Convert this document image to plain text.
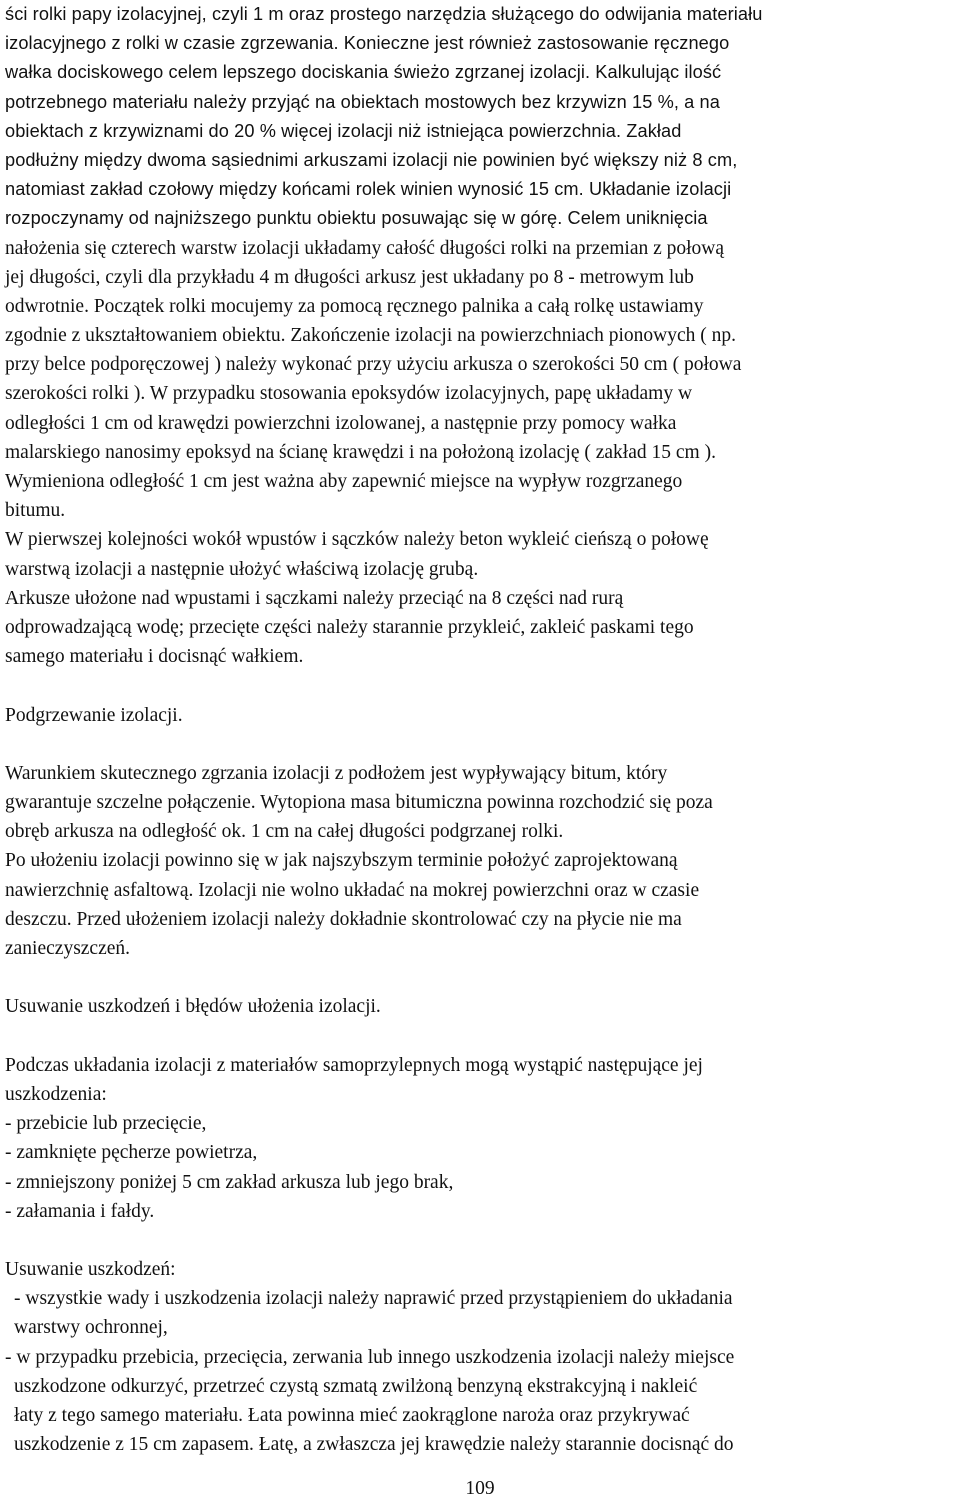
ści rolki papy izolacyjnej, czyli 1 m oraz prostego narzędzia służącego do odwijania materiału
izolacyjnego z rolki w czasie zgrzewania. Konieczne jest również zastosowanie ręcznego
wałka dociskowego celem lepszego dociskania świeżo zgrzanej izolacji. Kalkulując ilość
potrzebnego materiału należy przyjąć na obiektach mostowych bez krzywizn 15 %, a na
obiektach z krzywiznami do 20 % więcej izolacji niż istniejąca powierzchnia. Zakład
podłużny między dwoma sąsiednimi arkuszami izolacji nie powinien być większy niż 8 cm,
natomiast zakład czołowy między końcami rolek winien wynosić 15 cm. Układanie izolacji
rozpoczynamy od najniższego punktu obiektu posuwając się w górę. Celem uniknięcia
nałożenia się czterech warstw izolacji układamy całość długości rolki na przemian z połową
jej długości, czyli dla przykładu 4 m długości arkusz jest układany po 8 - metrowym lub
odwrotnie. Początek rolki mocujemy za pomocą ręcznego palnika a całą rolkę ustawiamy
zgodnie z ukształtowaniem obiektu. Zakończenie izolacji na powierzchniach pionowych ( np.
przy belce podporęczowej ) należy wykonać przy użyciu arkusza o szerokości 50 cm ( połowa
szerokości rolki ). W przypadku stosowania epoksydów izolacyjnych, papę układamy w
odległości 1 cm od krawędzi powierzchni izolowanej, a następnie przy pomocy wałka
malarskiego nanosimy epoksyd na ścianę krawędzi i na położoną izolację ( zakład 15 cm ).
Wymieniona odległość 1 cm jest ważna aby zapewnić miejsce na wypływ rozgrzanego
bitumu.
W pierwszej kolejności wokół wpustów i sączków należy beton wykleić cieńszą o połowę
warstwą izolacji a następnie ułożyć właściwą izolację grubą.
Arkusze ułożone nad wpustami i sączkami należy przeciąć na 8 części nad rurą
odprowadzającą wodę; przecięte części należy starannie przykleić, zakleić paskami tego
samego materiału i docisnąć wałkiem.
Podgrzewanie izolacji.
Warunkiem skutecznego zgrzania izolacji z podłożem jest wypływający bitum, który
gwarantuje szczelne połączenie. Wytopiona masa bitumiczna powinna rozchodzić się poza
obręb arkusza na odległość ok. 1 cm na całej długości podgrzanej rolki.
Po ułożeniu izolacji powinno się w jak najszybszym terminie położyć zaprojektowaną
nawierzchnię asfaltową. Izolacji nie wolno układać na mokrej powierzchni oraz w czasie
deszczu. Przed ułożeniem izolacji należy dokładnie skontrolować czy na płycie nie ma
zanieczyszczeń.
Usuwanie uszkodzeń i błędów ułożenia izolacji.
Podczas układania izolacji z materiałów samoprzylepnych mogą wystąpić następujące jej
uszkodzenia:
- przebicie lub przecięcie,
- zamknięte pęcherze powietrza,
- zmniejszony poniżej 5 cm zakład arkusza lub jego brak,
- załamania i fałdy.
Usuwanie uszkodzeń:
- wszystkie wady i uszkodzenia izolacji należy naprawić przed przystąpieniem do układania
warstwy ochronnej,
- w przypadku przebicia, przecięcia, zerwania lub innego uszkodzenia izolacji należy miejsce
uszkodzone odkurzyć, przetrzeć czystą szmatą zwilżoną benzyną ekstrakcyjną i nakleić
łaty z tego samego materiału. Łata powinna mieć zaokrąglone naroża oraz przykrywać
uszkodzenie z 15 cm zapasem. Łatę, a zwłaszcza jej krawędzie należy starannie docisnąć do
109
